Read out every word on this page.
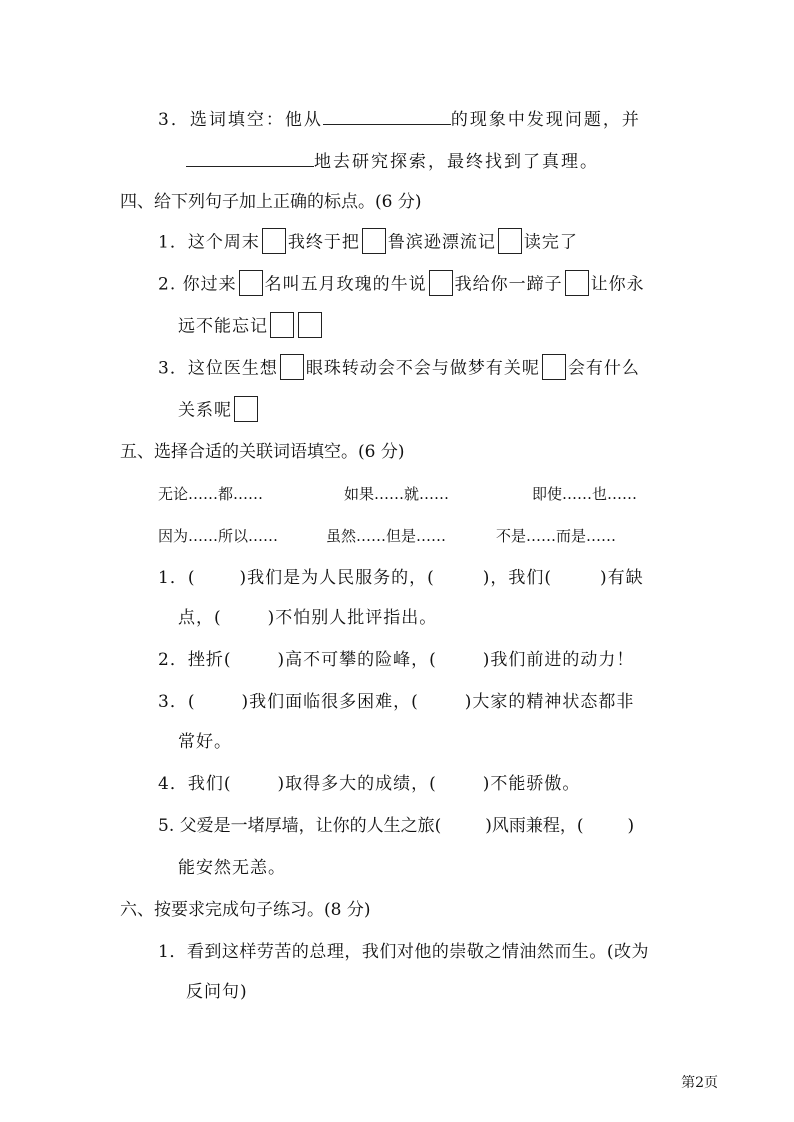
3．选词填空：他从	的现象中发现问题，并
地去研究探索，最终找到了真理。
四、给下列句子加上正确的标点。(6 分)
1．这个周末 我终于把 鲁滨逊漂流记 读完了
2. 你过来 名叫五月玫瑰的牛说 我给你一蹄子 让你永
远不能忘记
3．这位医生想 眼珠转动会不会与做梦有关呢 会有什么
关系呢
五、选择合适的关联词语填空。(6 分)
无论……都……	如果……就……	即使……也……
因为……所以……	虽然……但是……	不是……而是……
1．(	)我们是为人民服务的，(	)，我们(	)有缺
点，(	)不怕别人批评指出。
2．挫折(	)高不可攀的险峰，(	)我们前进的动力！
3．(	)我们面临很多困难，(	)大家的精神状态都非
常好。
4．我们(	)取得多大的成绩，(	)不能骄傲。
5. 父爱是一堵厚墙，让你的人生之旅(	)风雨兼程，(	)
能安然无恙。
六、按要求完成句子练习。(8 分)
1．看到这样劳苦的总理，我们对他的崇敬之情油然而生。(改为
反问句)
第2页
